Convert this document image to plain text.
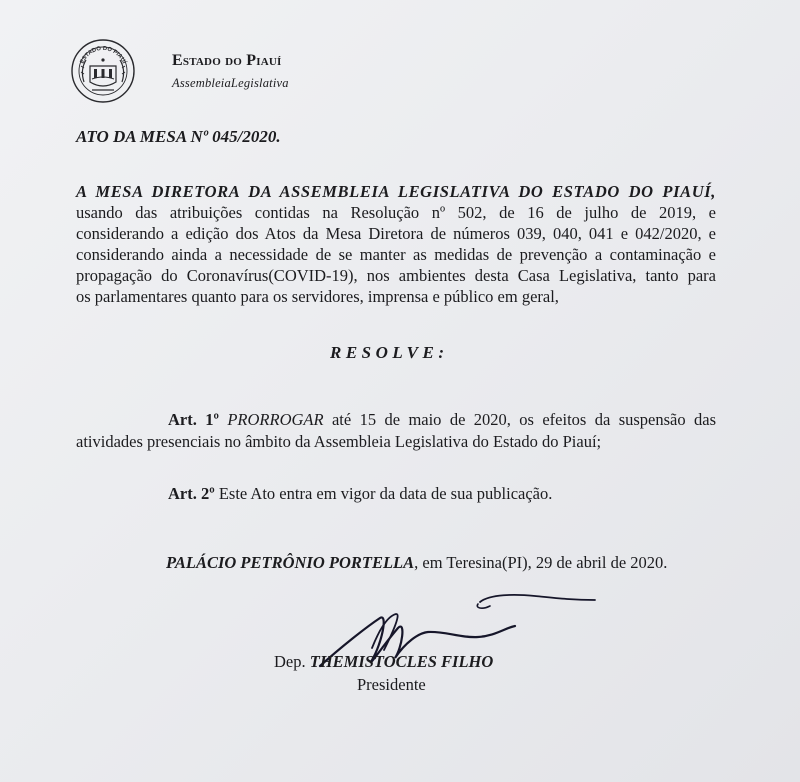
ESTADO DO PIAUÍ	Estado do Piauí
AssembleiaLegislativa
ATO DA MESA Nº 045/2020.
A MESA DIRETORA DA ASSEMBLEIA LEGISLATIVA DO ESTADO DO PIAUÍ,
usando das atribuições contidas na Resolução nº 502, de 16 de julho de 2019, e
considerando a edição dos Atos da Mesa Diretora de números 039, 040, 041 e 042/2020, e
considerando ainda a necessidade de se manter as medidas de prevenção a contaminação e
propagação do Coronavírus(COVID-19), nos ambientes desta Casa Legislativa, tanto para
os parlamentares quanto para os servidores, imprensa e público em geral,
RESOLVE:
Art. 1º PRORROGAR até 15 de maio de 2020, os efeitos da suspensão das
atividades presenciais no âmbito da Assembleia Legislativa do Estado do Piauí;
Art. 2º Este Ato entra em vigor da data de sua publicação.
PALÁCIO PETRÔNIO PORTELLA, em Teresina(PI), 29 de abril de 2020.
Dep. THEMISTOCLES FILHO
Presidente
